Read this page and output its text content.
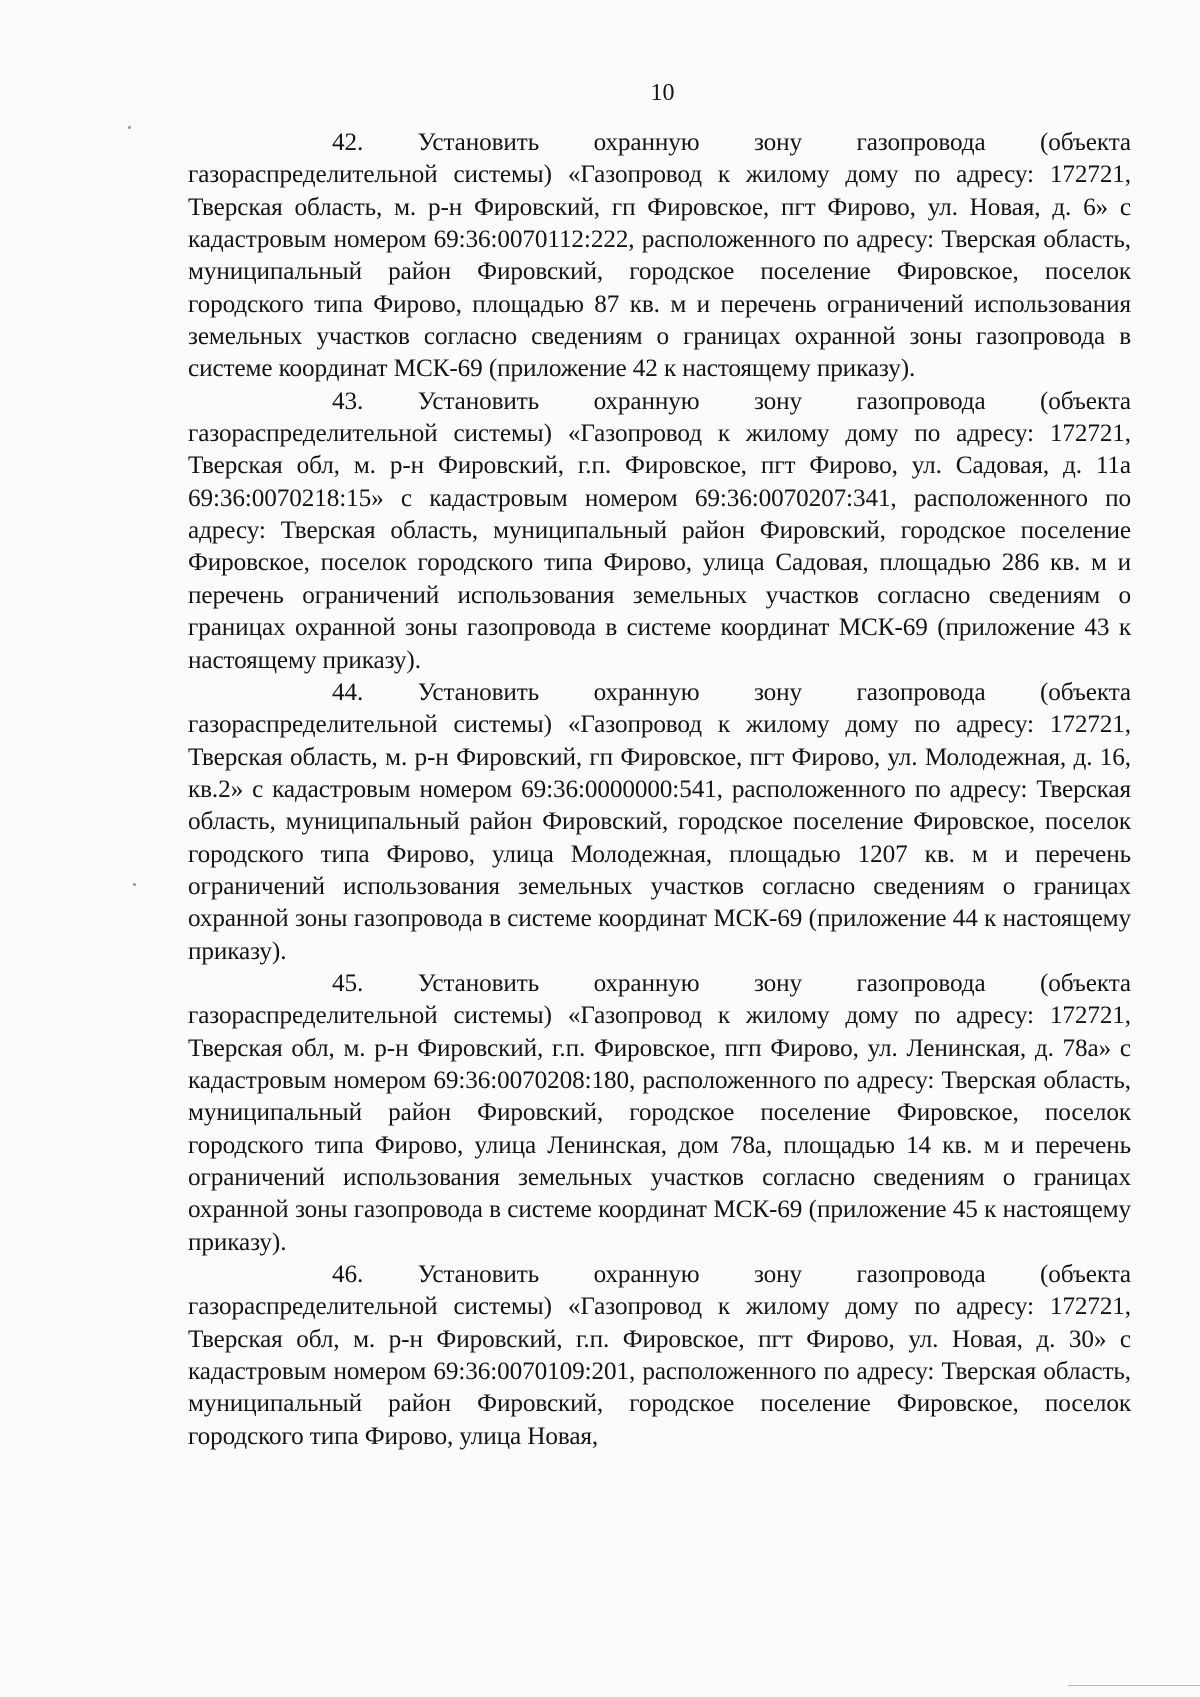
10

42. Установить охранную зону газопровода (объекта газораспределительной системы) «Газопровод к жилому дому по адресу: 172721, Тверская область, м. р-н Фировский, гп Фировское, пгт Фирово, ул. Новая, д. 6» с кадастровым номером 69:36:0070112:222, расположенного по адресу: Тверская область, муниципальный район Фировский, городское поселение Фировское, поселок городского типа Фирово, площадью 87 кв. м и перечень ограничений использования земельных участков согласно сведениям о границах охранной зоны газопровода в системе координат МСК-69 (приложение 42 к настоящему приказу).

43. Установить охранную зону газопровода (объекта газораспределительной системы) «Газопровод к жилому дому по адресу: 172721, Тверская обл, м. р-н Фировский, г.п. Фировское, пгт Фирово, ул. Садовая, д. 11а 69:36:0070218:15» с кадастровым номером 69:36:0070207:341, расположенного по адресу: Тверская область, муниципальный район Фировский, городское поселение Фировское, поселок городского типа Фирово, улица Садовая, площадью 286 кв. м и перечень ограничений использования земельных участков согласно сведениям о границах охранной зоны газопровода в системе координат МСК-69 (приложение 43 к настоящему приказу).

44. Установить охранную зону газопровода (объекта газораспределительной системы) «Газопровод к жилому дому по адресу: 172721, Тверская область, м. р-н Фировский, гп Фировское, пгт Фирово, ул. Молодежная, д. 16, кв.2» с кадастровым номером 69:36:0000000:541, расположенного по адресу: Тверская область, муниципальный район Фировский, городское поселение Фировское, поселок городского типа Фирово, улица Молодежная, площадью 1207 кв. м и перечень ограничений использования земельных участков согласно сведениям о границах охранной зоны газопровода в системе координат МСК-69 (приложение 44 к настоящему приказу).

45. Установить охранную зону газопровода (объекта газораспределительной системы) «Газопровод к жилому дому по адресу: 172721, Тверская обл, м. р-н Фировский, г.п. Фировское, пгп Фирово, ул. Ленинская, д. 78а» с кадастровым номером 69:36:0070208:180, расположенного по адресу: Тверская область, муниципальный район Фировский, городское поселение Фировское, поселок городского типа Фирово, улица Ленинская, дом 78а, площадью 14 кв. м и перечень ограничений использования земельных участков согласно сведениям о границах охранной зоны газопровода в системе координат МСК-69 (приложение 45 к настоящему приказу).

46. Установить охранную зону газопровода (объекта газораспределительной системы) «Газопровод к жилому дому по адресу: 172721, Тверская обл, м. р-н Фировский, г.п. Фировское, пгт Фирово, ул. Новая, д. 30» с кадастровым номером 69:36:0070109:201, расположенного по адресу: Тверская область, муниципальный район Фировский, городское поселение Фировское, поселок городского типа Фирово, улица Новая,
